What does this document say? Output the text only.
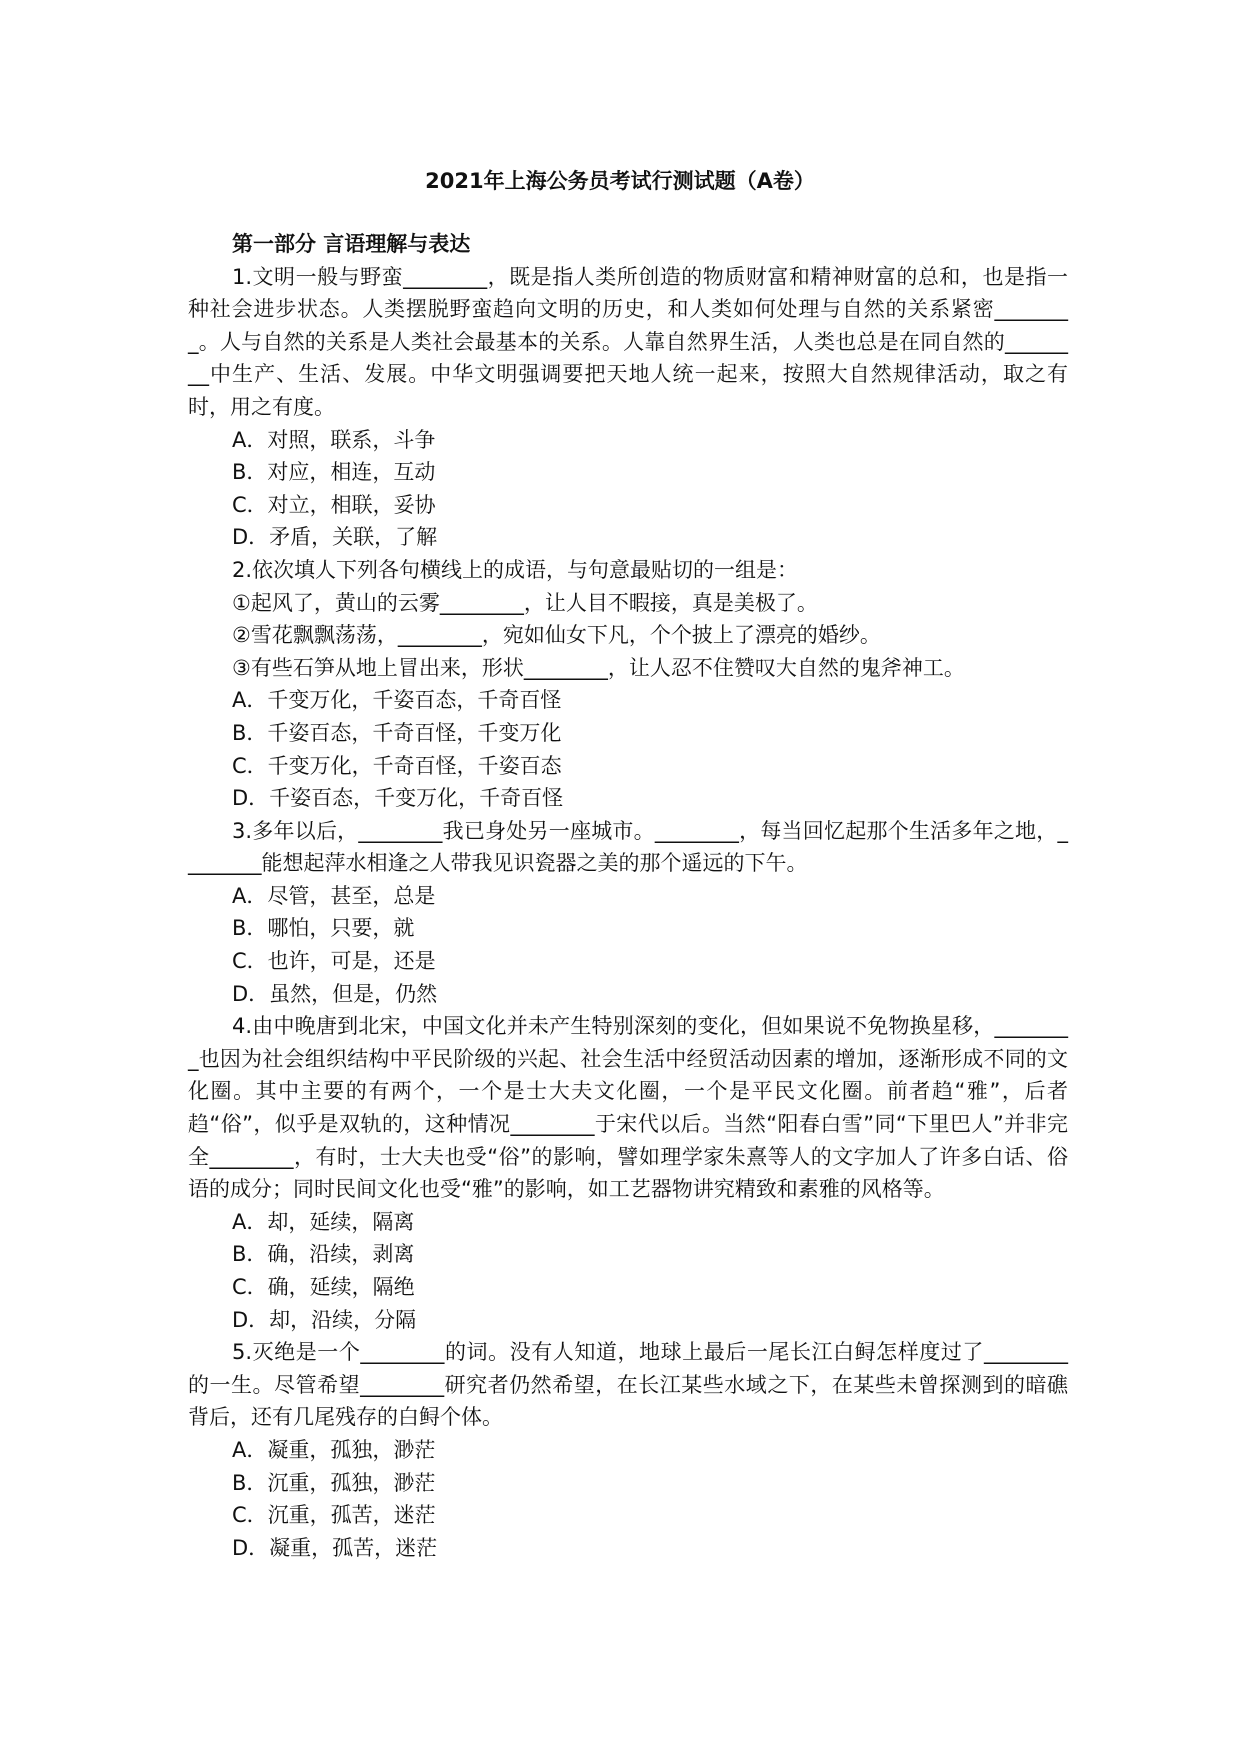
2021年上海公务员考试行测试题（A卷）

第一部分 言语理解与表达

1.文明一般与野蛮________，既是指人类所创造的物质财富和精神财富的总和，也是指一种社会进步状态。人类摆脱野蛮趋向文明的历史，和人类如何处理与自然的关系紧密________。人与自然的关系是人类社会最基本的关系。人靠自然界生活，人类也总是在同自然的________中生产、生活、发展。中华文明强调要把天地人统一起来，按照大自然规律活动，取之有时，用之有度。

A．对照，联系，斗争

B．对应，相连，互动

C．对立，相联，妥协

D．矛盾，关联，了解

2.依次填人下列各句横线上的成语，与句意最贴切的一组是：

①起风了，黄山的云雾________，让人目不暇接，真是美极了。

②雪花飘飘荡荡，________，宛如仙女下凡，个个披上了漂亮的婚纱。

③有些石笋从地上冒出来，形状________，让人忍不住赞叹大自然的鬼斧神工。

A．千变万化，千姿百态，千奇百怪

B．千姿百态，千奇百怪，千变万化

C．千变万化，千奇百怪，千姿百态

D．千姿百态，千变万化，千奇百怪

3.多年以后，________我已身处另一座城市。________，每当回忆起那个生活多年之地，________能想起萍水相逢之人带我见识瓷器之美的那个遥远的下午。

A．尽管，甚至，总是

B．哪怕，只要，就

C．也许，可是，还是

D．虽然，但是，仍然

4.由中晚唐到北宋，中国文化并未产生特别深刻的变化，但如果说不免物换星移，________也因为社会组织结构中平民阶级的兴起、社会生活中经贸活动因素的增加，逐渐形成不同的文化圈。其中主要的有两个，一个是士大夫文化圈，一个是平民文化圈。前者趋“雅”，后者趋“俗”，似乎是双轨的，这种情况________于宋代以后。当然“阳春白雪”同“下里巴人”并非完全________，有时，士大夫也受“俗”的影响，譬如理学家朱熹等人的文字加人了许多白话、俗语的成分；同时民间文化也受“雅”的影响，如工艺器物讲究精致和素雅的风格等。

A．却，延续，隔离

B．确，沿续，剥离

C．确，延续，隔绝

D．却，沿续，分隔

5.灭绝是一个________的词。没有人知道，地球上最后一尾长江白鲟怎样度过了________的一生。尽管希望________研究者仍然希望，在长江某些水域之下，在某些未曾探测到的暗礁背后，还有几尾残存的白鲟个体。

A．凝重，孤独，渺茫

B．沉重，孤独，渺茫

C．沉重，孤苦，迷茫

D．凝重，孤苦，迷茫
